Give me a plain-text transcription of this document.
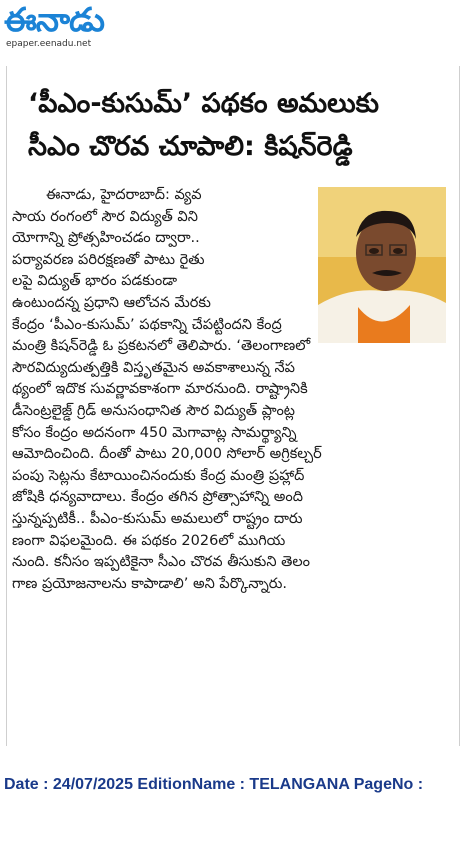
ఈనాడు
epaper.eenadu.net
‘పీఎం-కుసుమ్’ పథకం అమలుకు
సీఎం చొరవ చూపాలి: కిషన్‌రెడ్డి
ఈనాడు, హైదరాబాద్: వ్యవ
సాయ రంగంలో సౌర విద్యుత్ విని
యోగాన్ని ప్రోత్సహించడం ద్వారా..
పర్యావరణ పరిరక్షణతో పాటు రైతు
లపై విద్యుత్ భారం పడకుండా
ఉంటుందన్న ప్రధాని ఆలోచన మేరకు
కేంద్రం ‘పీఎం-కుసుమ్’ పథకాన్ని చేపట్టిందని కేంద్ర
మంత్రి కిషన్‌రెడ్డి ఓ ప్రకటనలో తెలిపారు. ‘తెలంగాణలో
సౌరవిద్యుదుత్పత్తికి విస్తృతమైన అవకాశాలున్న నేప
థ్యంలో ఇదొక సువర్ణావకాశంగా మారనుంది. రాష్ట్రానికి
డీసెంట్రలైజ్డ్ గ్రిడ్ అనుసంధానిత సౌర విద్యుత్ ప్లాంట్ల
కోసం కేంద్రం అదనంగా 450 మెగావాట్ల సామర్థ్యాన్ని
ఆమోదించింది. దీంతో పాటు 20,000 సోలార్ అగ్రికల్చర్
పంపు సెట్లను కేటాయించినందుకు కేంద్ర మంత్రి ప్రహ్లాద్
జోషికి ధన్యవాదాలు. కేంద్రం తగిన ప్రోత్సాహాన్ని అంది
స్తున్నప్పటికీ.. పీఎం-కుసుమ్ అమలులో రాష్ట్రం దారు
ణంగా విఫలమైంది. ఈ పథకం 2026లో ముగియ
నుంది. కనీసం ఇప్పటికైనా సీఎం చొరవ తీసుకుని తెలం
గాణ ప్రయోజనాలను కాపాడాలి’ అని పేర్కొన్నారు.
Date : 24/07/2025 EditionName : TELANGANA PageNo :
